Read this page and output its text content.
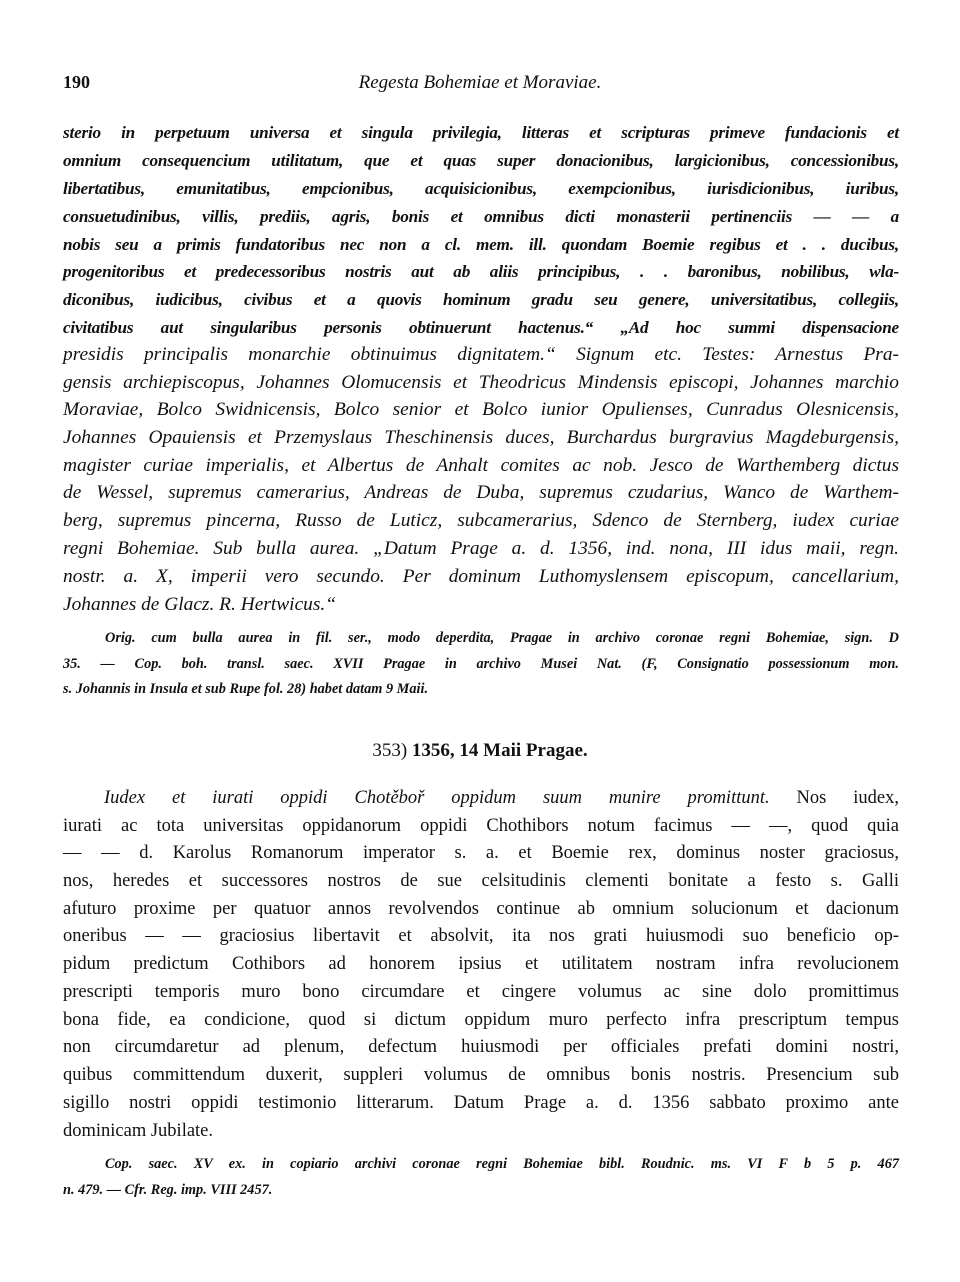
190	Regesta Bohemiae et Moraviae.
sterio in perpetuum universa et singula privilegia, litteras et scripturas primeve fundacionis et
omnium consequencium utilitatum, que et quas super donacionibus, largicionibus, concessionibus,
libertatibus, emunitatibus, empcionibus, acquisicionibus, exempcionibus, iurisdicionibus, iuribus,
consuetudinibus, villis, prediis, agris, bonis et omnibus dicti monasterii pertinenciis — — a
nobis seu a primis fundatoribus nec non a cl. mem. ill. quondam Boemie regibus et . . ducibus,
progenitoribus et predecessoribus nostris aut ab aliis principibus, . . baronibus, nobilibus, wla-
diconibus, iudicibus, civibus et a quovis hominum gradu seu genere, universitatibus, collegiis,
civitatibus aut singularibus personis obtinuerunt hactenus.“ „Ad hoc summi dispensacione
presidis principalis monarchie obtinuimus dignitatem.“ Signum etc. Testes: Arnestus Pra-
gensis archiepiscopus, Johannes Olomucensis et Theodricus Mindensis episcopi, Johannes marchio
Moraviae, Bolco Swidnicensis, Bolco senior et Bolco iunior Opulienses, Cunradus Olesnicensis,
Johannes Opauiensis et Przemyslaus Theschinensis duces, Burchardus burgravius Magdeburgensis,
magister curiae imperialis, et Albertus de Anhalt comites ac nob. Jesco de Warthemberg dictus
de Wessel, supremus camerarius, Andreas de Duba, supremus czudarius, Wanco de Warthem-
berg, supremus pincerna, Russo de Luticz, subcamerarius, Sdenco de Sternberg, iudex curiae
regni Bohemiae. Sub bulla aurea. „Datum Prage a. d. 1356, ind. nona, III idus maii, regn.
nostr. a. X, imperii vero secundo. Per dominum Luthomyslensem episcopum, cancellarium,
Johannes de Glacz. R. Hertwicus.“
Orig. cum bulla aurea in fil. ser., modo deperdita, Pragae in archivo coronae regni Bohemiae, sign. D
35. — Cop. boh. transl. saec. XVII Pragae in archivo Musei Nat. (F, Consignatio possessionum mon.
s. Johannis in Insula et sub Rupe fol. 28) habet datam 9 Maii.
353) 1356, 14 Maii Pragae.
Iudex et iurati oppidi Chotěboř oppidum suum munire promittunt. Nos iudex,
iurati ac tota universitas oppidanorum oppidi Chothibors notum facimus — —, quod quia
— — d. Karolus Romanorum imperator s. a. et Boemie rex, dominus noster graciosus,
nos, heredes et successores nostros de sue celsitudinis clementi bonitate a festo s. Galli
afuturo proxime per quatuor annos revolvendos continue ab omnium solucionum et dacionum
oneribus — — graciosius libertavit et absolvit, ita nos grati huiusmodi suo beneficio op-
pidum predictum Cothibors ad honorem ipsius et utilitatem nostram infra revolucionem
prescripti temporis muro bono circumdare et cingere volumus ac sine dolo promittimus
bona fide, ea condicione, quod si dictum oppidum muro perfecto infra prescriptum tempus
non circumdaretur ad plenum, defectum huiusmodi per officiales prefati domini nostri,
quibus committendum duxerit, suppleri volumus de omnibus bonis nostris. Presencium sub
sigillo nostri oppidi testimonio litterarum. Datum Prage a. d. 1356 sabbato proximo ante
dominicam Jubilate.
Cop. saec. XV ex. in copiario archivi coronae regni Bohemiae bibl. Roudnic. ms. VI F b 5 p. 467
n. 479. — Cfr. Reg. imp. VIII 2457.
